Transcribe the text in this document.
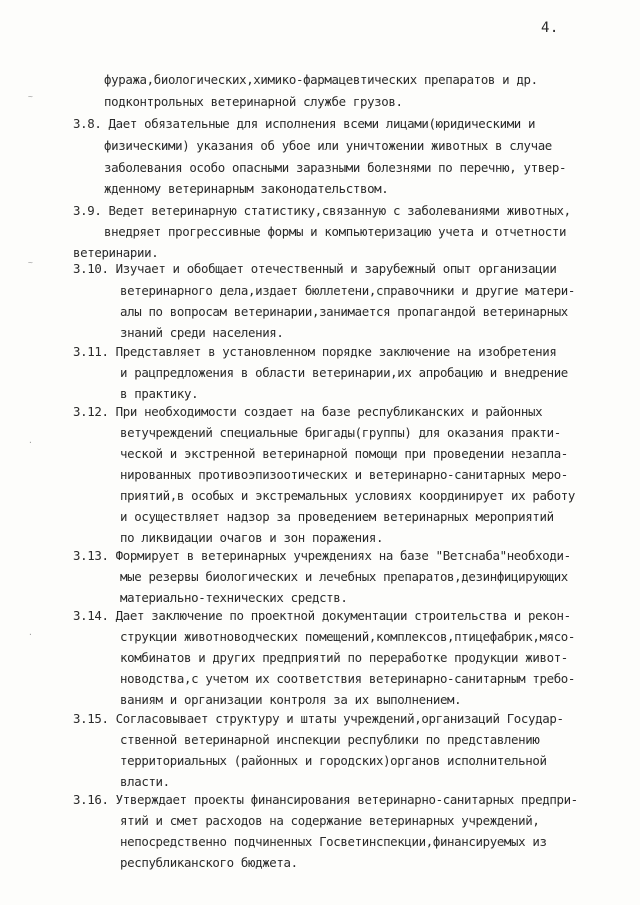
4.
~
~
·
·
фуража,биологических,химико-фармацевтических препаратов и др.
подконтрольных ветеринарной службе грузов.
3.8. Дает обязательные для исполнения всеми лицами(юридическими и
физическими) указания об убое или уничтожении животных в случае
заболевания особо опасными заразными болезнями по перечню, утвер-
жденному ветеринарным законодательством.
3.9. Ведет ветеринарную статистику,связанную с заболеваниями животных,
внедряет прогрессивные формы и компьютеризацию учета и отчетности
ветеринарии.
3.10. Изучает и обобщает отечественный и зарубежный опыт организации
ветеринарного дела,издает бюллетени,справочники и другие матери-
алы по вопросам ветеринарии,занимается пропагандой ветеринарных
знаний среди населения.
3.11. Представляет в установленном порядке заключение на изобретения
и рацпредложения в области ветеринарии,их апробацию и внедрение
в практику.
3.12. При необходимости создает на базе республиканских и районных
ветучреждений специальные бригады(группы) для оказания практи-
ческой и экстренной ветеринарной помощи при проведении незапла-
нированных противоэпизоотических и ветеринарно-санитарных меро-
приятий,в особых и экстремальных условиях координирует их работу
и осуществляет надзор за проведением ветеринарных мероприятий
по ликвидации очагов и зон поражения.
3.13. Формирует в ветеринарных учреждениях на базе "Ветснаба"необходи-
мые резервы биологических и лечебных препаратов,дезинфицирующих
материально-технических средств.
3.14. Дает заключение по проектной документации строительства и рекон-
струкции животноводческих помещений,комплексов,птицефабрик,мясо-
комбинатов и других предприятий по переработке продукции живот-
новодства,с учетом их соответствия ветеринарно-санитарным требо-
ваниям и организации контроля за их выполнением.
3.15. Согласовывает структуру и штаты учреждений,организаций Государ-
ственной ветеринарной инспекции республики по представлению
территориальных (районных и городских)органов исполнительной
власти.
3.16. Утверждает проекты финансирования ветеринарно-санитарных предпри-
ятий и смет расходов на содержание ветеринарных учреждений,
непосредственно подчиненных Госветинспекции,финансируемых из
республиканского бюджета.
